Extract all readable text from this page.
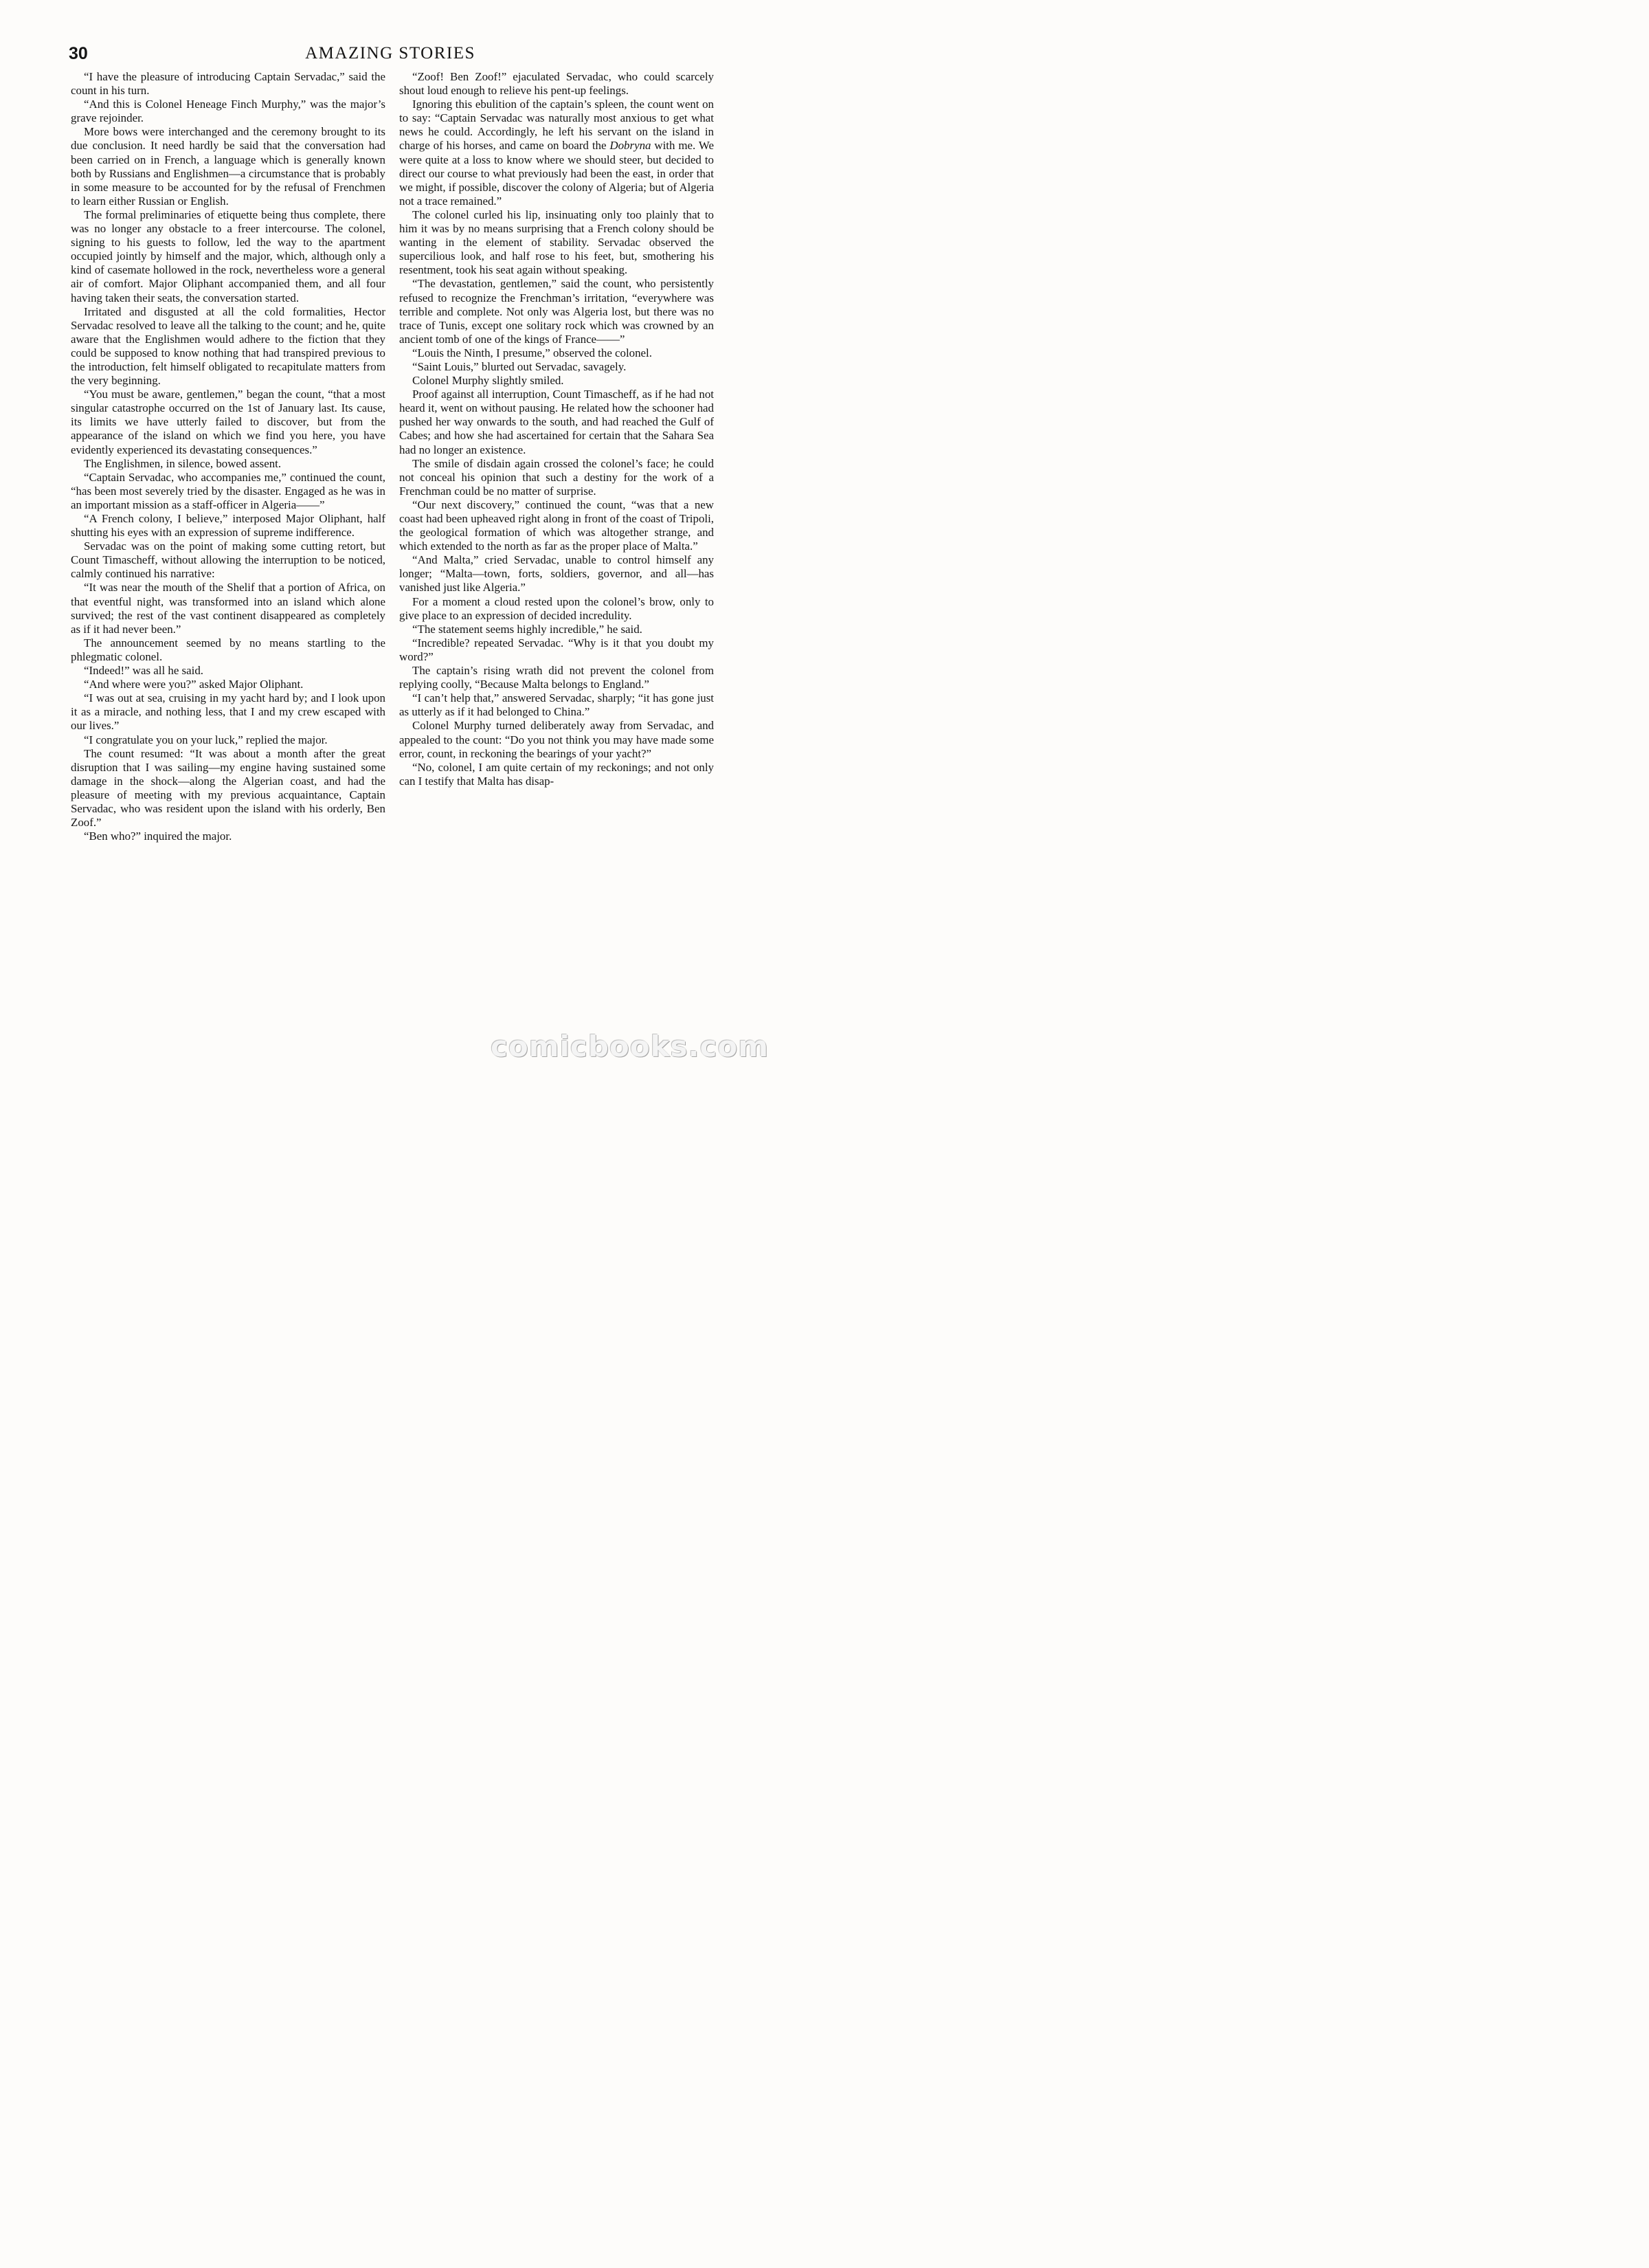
30	AMAZING STORIES

“I have the pleasure of introducing Captain Servadac,” said the count in his turn.

“And this is Colonel Heneage Finch Murphy,” was the major’s grave rejoinder.

More bows were interchanged and the ceremony brought to its due conclusion. It need hardly be said that the conversation had been carried on in French, a language which is generally known both by Russians and Englishmen—a circumstance that is probably in some measure to be accounted for by the refusal of Frenchmen to learn either Russian or English.

The formal preliminaries of etiquette being thus complete, there was no longer any obstacle to a freer intercourse. The colonel, signing to his guests to follow, led the way to the apartment occupied jointly by himself and the major, which, although only a kind of casemate hollowed in the rock, nevertheless wore a general air of comfort. Major Oliphant accompanied them, and all four having taken their seats, the conversation started.

Irritated and disgusted at all the cold formalities, Hector Servadac resolved to leave all the talking to the count; and he, quite aware that the Englishmen would adhere to the fiction that they could be supposed to know nothing that had transpired previous to the introduction, felt himself obligated to recapitulate matters from the very beginning.

“You must be aware, gentlemen,” began the count, “that a most singular catastrophe occurred on the 1st of January last. Its cause, its limits we have utterly failed to discover, but from the appearance of the island on which we find you here, you have evidently experienced its devastating consequences.”

The Englishmen, in silence, bowed assent.

“Captain Servadac, who accompanies me,” continued the count, “has been most severely tried by the disaster. Engaged as he was in an important mission as a staff-officer in Algeria——”

“A French colony, I believe,” interposed Major Oliphant, half shutting his eyes with an expression of supreme indifference.

Servadac was on the point of making some cutting retort, but Count Timascheff, without allowing the interruption to be noticed, calmly continued his narrative:

“It was near the mouth of the Shelif that a portion of Africa, on that eventful night, was transformed into an island which alone survived; the rest of the vast continent disappeared as completely as if it had never been.”

The announcement seemed by no means startling to the phlegmatic colonel.

“Indeed!” was all he said.

“And where were you?” asked Major Oliphant.

“I was out at sea, cruising in my yacht hard by; and I look upon it as a miracle, and nothing less, that I and my crew escaped with our lives.”

“I congratulate you on your luck,” replied the major.

The count resumed: “It was about a month after the great disruption that I was sailing—my engine having sustained some damage in the shock—along the Algerian coast, and had the pleasure of meeting with my previous acquaintance, Captain Servadac, who was resident upon the island with his orderly, Ben Zoof.”

“Ben who?” inquired the major.

“Zoof! Ben Zoof!” ejaculated Servadac, who could scarcely shout loud enough to relieve his pent-up feelings.

Ignoring this ebulition of the captain’s spleen, the count went on to say: “Captain Servadac was naturally most anxious to get what news he could. Accordingly, he left his servant on the island in charge of his horses, and came on board the Dobryna with me. We were quite at a loss to know where we should steer, but decided to direct our course to what previously had been the east, in order that we might, if possible, discover the colony of Algeria; but of Algeria not a trace remained.”

The colonel curled his lip, insinuating only too plainly that to him it was by no means surprising that a French colony should be wanting in the element of stability. Servadac observed the supercilious look, and half rose to his feet, but, smothering his resentment, took his seat again without speaking.

“The devastation, gentlemen,” said the count, who persistently refused to recognize the Frenchman’s irritation, “everywhere was terrible and complete. Not only was Algeria lost, but there was no trace of Tunis, except one solitary rock which was crowned by an ancient tomb of one of the kings of France——”

“Louis the Ninth, I presume,” observed the colonel.

“Saint Louis,” blurted out Servadac, savagely.

Colonel Murphy slightly smiled.

Proof against all interruption, Count Timascheff, as if he had not heard it, went on without pausing. He related how the schooner had pushed her way onwards to the south, and had reached the Gulf of Cabes; and how she had ascertained for certain that the Sahara Sea had no longer an existence.

The smile of disdain again crossed the colonel’s face; he could not conceal his opinion that such a destiny for the work of a Frenchman could be no matter of surprise.

“Our next discovery,” continued the count, “was that a new coast had been upheaved right along in front of the coast of Tripoli, the geological formation of which was altogether strange, and which extended to the north as far as the proper place of Malta.”

“And Malta,” cried Servadac, unable to control himself any longer; “Malta—town, forts, soldiers, governor, and all—has vanished just like Algeria.”

For a moment a cloud rested upon the colonel’s brow, only to give place to an expression of decided incredulity.

“The statement seems highly incredible,” he said.

“Incredible? repeated Servadac. “Why is it that you doubt my word?”

The captain’s rising wrath did not prevent the colonel from replying coolly, “Because Malta belongs to England.”

“I can’t help that,” answered Servadac, sharply; “it has gone just as utterly as if it had belonged to China.”

Colonel Murphy turned deliberately away from Servadac, and appealed to the count: “Do you not think you may have made some error, count, in reckoning the bearings of your yacht?”

“No, colonel, I am quite certain of my reckonings; and not only can I testify that Malta has disap-

comicbooks.com
